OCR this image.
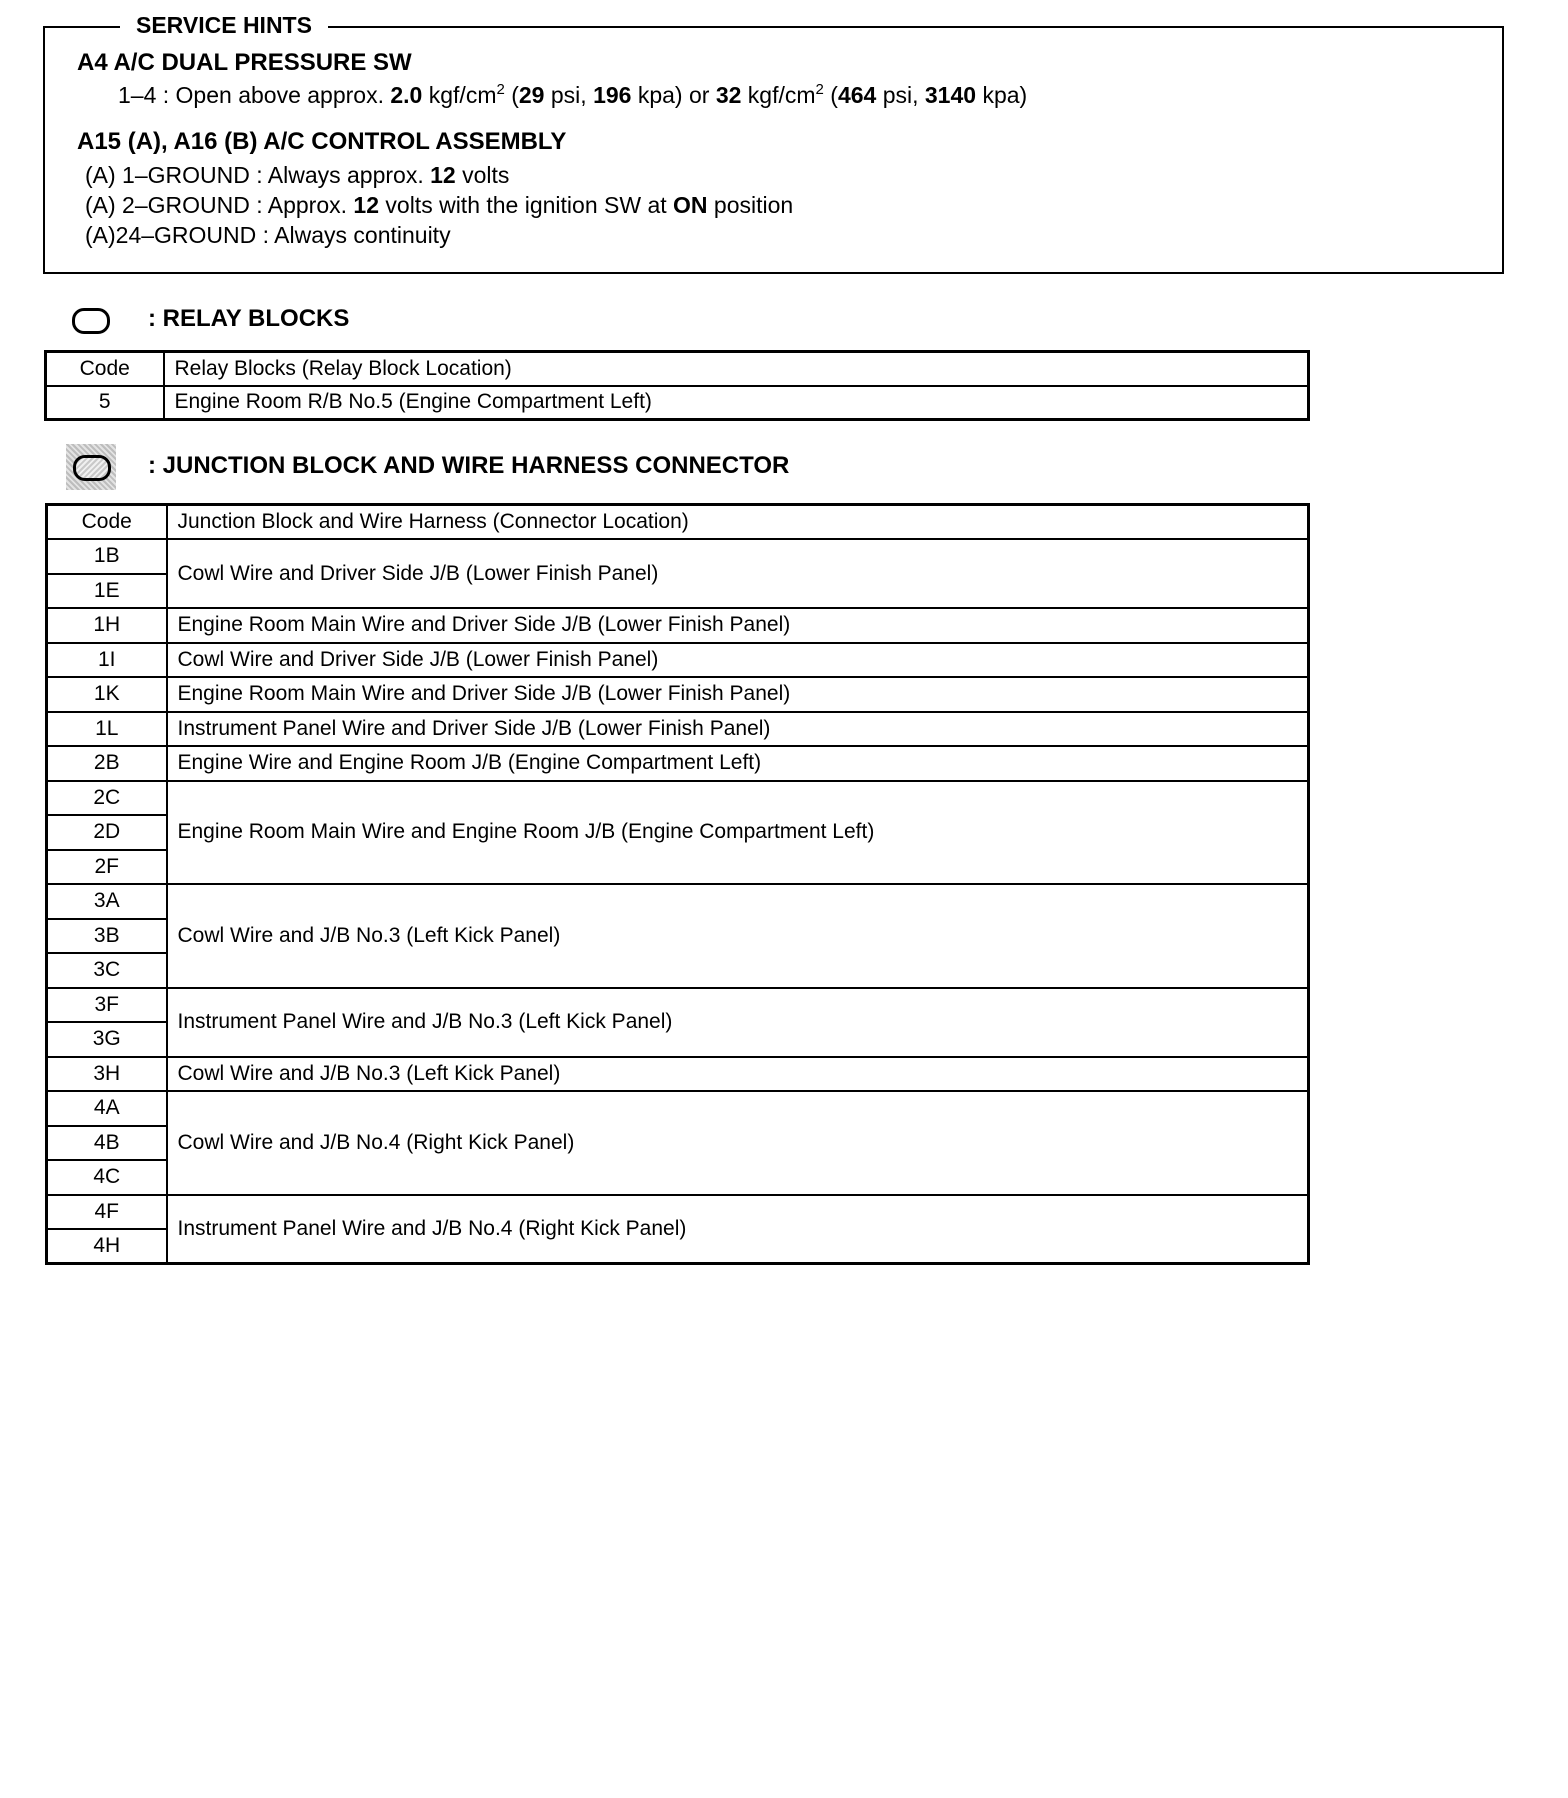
SERVICE HINTS
A4 A/C DUAL PRESSURE SW
1–4 : Open above approx. 2.0 kgf/$cm^2$ (29 psi, 196 kpa) or 32 kgf/$cm^2$ (464 psi, 3140 kpa)
A15 (A), A16 (B) A/C CONTROL ASSEMBLY
(A) 1–GROUND : Always approx. 12 volts
(A) 2–GROUND : Approx. 12 volts with the ignition SW at ON position
(A)24–GROUND : Always continuity
: RELAY BLOCKS
Code	Relay Blocks (Relay Block Location)
5	Engine Room R/B No.5 (Engine Compartment Left)
: JUNCTION BLOCK AND WIRE HARNESS CONNECTOR
Code	Junction Block and Wire Harness (Connector Location)
1B	Cowl Wire and Driver Side J/B (Lower Finish Panel)
1E	
1H	Engine Room Main Wire and Driver Side J/B (Lower Finish Panel)
1I	Cowl Wire and Driver Side J/B (Lower Finish Panel)
1K	Engine Room Main Wire and Driver Side J/B (Lower Finish Panel)
1L	Instrument Panel Wire and Driver Side J/B (Lower Finish Panel)
2B	Engine Wire and Engine Room J/B (Engine Compartment Left)
2C	Engine Room Main Wire and Engine Room J/B (Engine Compartment Left)
2D	
2F	
3A	Cowl Wire and J/B No.3 (Left Kick Panel)
3B	
3C	
3F	Instrument Panel Wire and J/B No.3 (Left Kick Panel)
3G	
3H	Cowl Wire and J/B No.3 (Left Kick Panel)
4A	Cowl Wire and J/B No.4 (Right Kick Panel)
4B	
4C	
4F	Instrument Panel Wire and J/B No.4 (Right Kick Panel)
4H	
